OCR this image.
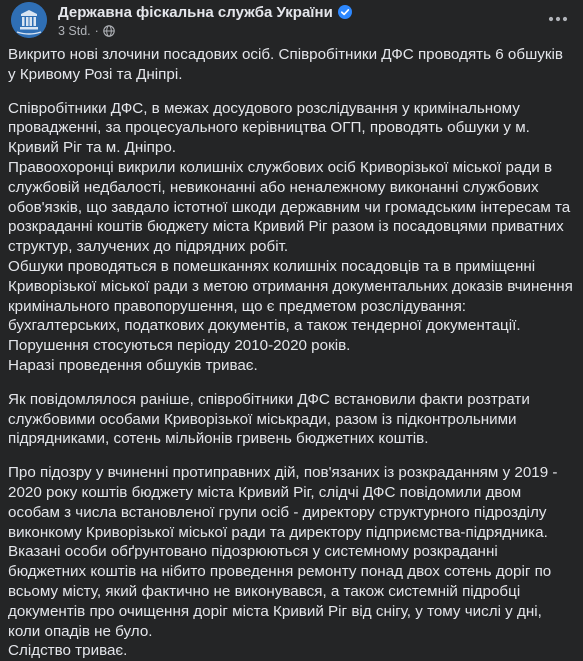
Державна фіскальна служба України
3 Std. ·

Викрито нові злочини посадових осіб. Співробітники ДФС проводять 6 обшуків у Кривому Розі та Дніпрі.

Співробітники ДФС, в межах досудового розслідування у кримінальному провадженні, за процесуального керівництва ОГП, проводять обшуки у м. Кривий Ріг та м. Дніпро.

Правоохоронці викрили колишніх службових осіб Криворізької міської ради в службовій недбалості, невиконанні або неналежному виконанні службових обов'язків, що завдало істотної шкоди державним чи громадським інтересам та розкраданні коштів бюджету міста Кривий Ріг разом із посадовцями приватних структур, залучених до підрядних робіт.

Обшуки проводяться в помешканнях колишніх посадовців та в приміщенні Криворізької міської ради з метою отримання документальних доказів вчинення кримінального правопорушення, що є предметом розслідування: бухгалтерських, податкових документів, а також тендерної документації.

Порушення стосуються періоду 2010-2020 років.

Наразі проведення обшуків триває.

Як повідомлялося раніше, співробітники ДФС встановили факти розтрати службовими особами Криворізької міськради, разом із підконтрольними підрядниками, сотень мільйонів гривень бюджетних коштів.

Про підозру у вчиненні протиправних дій, пов'язаних із розкраданням у 2019 - 2020 року коштів бюджету міста Кривий Ріг, слідчі ДФС повідомили двом особам з числа встановленої групи осіб - директору структурного підрозділу виконкому Криворізької міської ради та директору підприємства-підрядника.

Вказані особи обґрунтовано підозрюються у системному розкраданні бюджетних коштів на нібито проведення ремонту понад двох сотень доріг по всьому місту, який фактично не виконувався, а також системній підробці документів про очищення доріг міста Кривий Ріг від снігу, у тому числі у дні, коли опадів не було.

Слідство триває.
